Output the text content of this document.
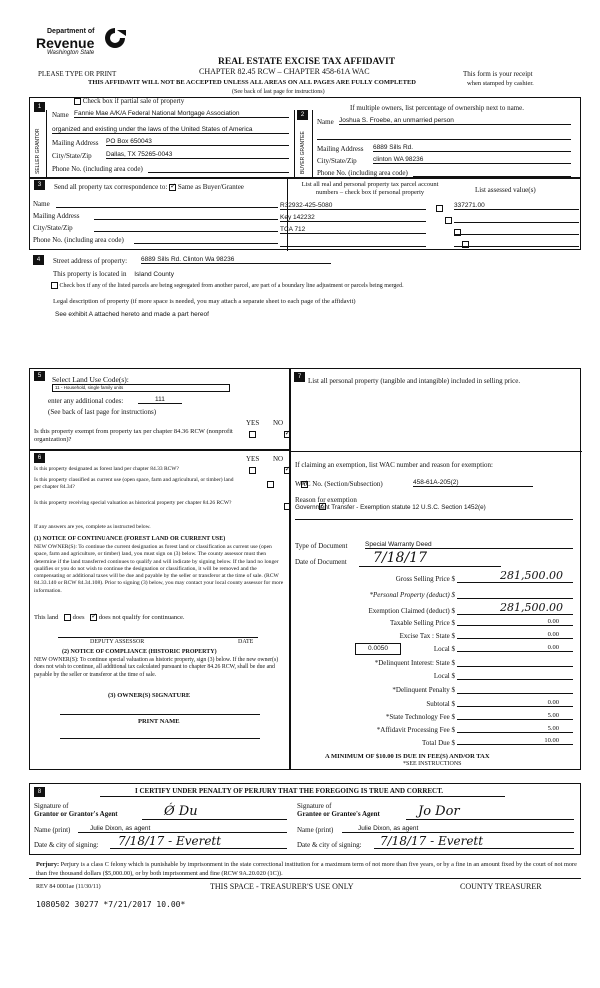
Department of
Revenue
Washington State
REAL ESTATE EXCISE TAX AFFIDAVIT
CHAPTER 82.45 RCW – CHAPTER 458-61A WAC
PLEASE TYPE OR PRINT
THIS AFFIDAVIT WILL NOT BE ACCEPTED UNLESS ALL AREAS ON ALL PAGES ARE FULLY COMPLETED
(See back of last page for instructions)
This form is your receipt
when stamped by cashier.
1
Check box if partial sale of property
If multiple owners, list percentage of ownership next to name.
SELLER GRANTOR
Name Fannie Mae A/K/A Federal National Mortgage Association
organized and existing under the laws of the United States of America
Mailing Address PO Box 650043
City/State/Zip Dallas, TX 75265-0043
Phone No. (including area code)
2
BUYER GRANTEE
Name Joshua S. Froebe, an unmarried person
Mailing Address 6889 Sills Rd.
City/State/Zip	clinton WA 98236
Phone No. (including area code)
3	Send all property tax correspondence to: ✓ Same as Buyer/Grantee
Name
Mailing Address
City/State/Zip
Phone No. (including area code)
List all real and personal property tax parcel account numbers – check box if personal property	List assessed value(s)
R32932-425-5080
	337271.00
Key 142232

TCA 712

4	Street address of property: 6889 Sills Rd. Clinton Wa 98236
This property is located in Island County
Check box if any of the listed parcels are being segregated from another parcel, are part of a boundary line adjustment or parcels being merged.
Legal description of property (if more space is needed, you may attach a separate sheet to each page of the affidavit)
See exhibit A attached hereto and made a part hereof
5	Select Land Use Code(s):
11 - Household, single family units
enter any additional codes:	111
(See back of last page for instructions)
YES NO
Is this property exempt from property tax per chapter 84.36 RCW (nonprofit organization)?
✓
6	YES NO
Is this property designated as forest land per chapter 84.33 RCW?
✓
Is this property classified as current use (open space, farm and agricultural, or timber) land per chapter 84.34?
✓
Is this property receiving special valuation as historical property per chapter 84.26 RCW?
✓
If any answers are yes, complete as instructed below.
(1) NOTICE OF CONTINUANCE (FOREST LAND OR CURRENT USE)
NEW OWNER(S): To continue the current designation as forest land or classification as current use (open space, farm and agriculture, or timber) land, you must sign on (3) below. The county assessor must then determine if the land transferred continues to qualify and will indicate by signing below. If the land no longer qualifies or you do not wish to continue the designation or classification, it will be removed and the compensating or additional taxes will be due and payable by the seller or transferor at the time of sale. (RCW 84.33.140 or RCW 84.34.108). Prior to signing (3) below, you may contact your local county assessor for more information.
This land does ✓ does not qualify for continuance.
DEPUTY ASSESSOR	DATE
(2) NOTICE OF COMPLIANCE (HISTORIC PROPERTY)
NEW OWNER(S): To continue special valuation as historic property, sign (3) below. If the new owner(s) does not wish to continue, all additional tax calculated pursuant to chapter 84.26 RCW, shall be due and payable by the seller or transferor at the time of sale.
(3) OWNER(S) SIGNATURE
PRINT NAME
7 List all personal property (tangible and intangible) included in selling price.
If claiming an exemption, list WAC number and reason for exemption:
WAC No. (Section/Subsection)	458-61A-205(2)
Reason for exemption
Government Transfer - Exemption statute 12 U.S.C. Section 1452(e)
Type of Document	Special Warranty Deed
Date of Document	7/18/17
Gross Selling Price $	281,500.00
*Personal Property (deduct) $
Exemption Claimed (deduct) $	281,500.00
Taxable Selling Price $	0.00
Excise Tax : State $	0.00
0.0050	Local $	0.00
*Delinquent Interest: State $
Local $
*Delinquent Penalty $
Subtotal $	0.00
*State Technology Fee $	5.00
*Affidavit Processing Fee $	5.00
Total Due $	10.00
A MINIMUM OF $10.00 IS DUE IN FEE(S) AND/OR TAX
*SEE INSTRUCTIONS
8	I CERTIFY UNDER PENALTY OF PERJURY THAT THE FOREGOING IS TRUE AND CORRECT.
Signature of
Grantor or Grantor's Agent	Ǿ Du
Name (print)	Julie Dixon, as agent
Date & city of signing:	7/18/17 - Everett
Signature of
Grantee or Grantee's Agent	Jo Dor
Name (print)	Julie Dixon, as agent
Date & city of signing:	7/18/17 - Everett
Perjury: Perjury is a class C felony which is punishable by imprisonment in the state correctional institution for a maximum term of not more than five years, or by a fine in an amount fixed by the court of not more than five thousand dollars ($5,000.00), or by both imprisonment and fine (RCW 9A.20.020 (1C)).
REV 84 0001ae (11/30/11)	THIS SPACE - TREASURER'S USE ONLY	COUNTY TREASURER
1080502 30277 *7/21/2017 10.00*
